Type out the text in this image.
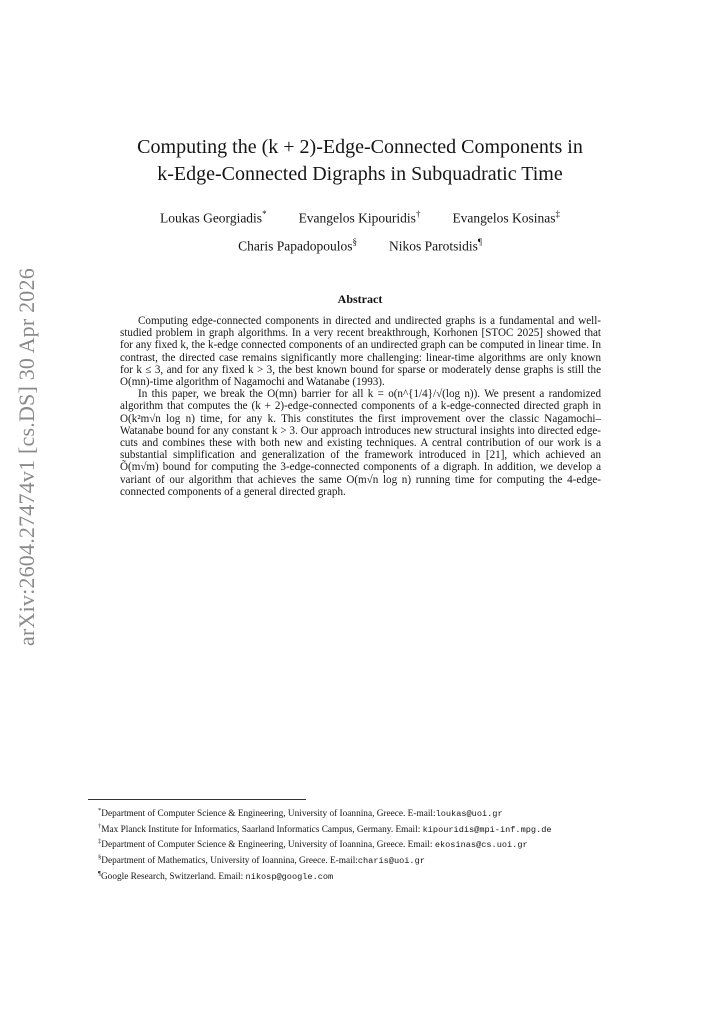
arXiv:2604.27474v1 [cs.DS] 30 Apr 2026
Computing the (k + 2)-Edge-Connected Components in
k-Edge-Connected Digraphs in Subquadratic Time
Loukas Georgiadis* Evangelos Kipouridis† Evangelos Kosinas‡
Charis Papadopoulos§ Nikos Parotsidis¶
Abstract

Computing edge-connected components in directed and undirected graphs is a fundamental and well-studied problem in graph algorithms. In a very recent breakthrough, Korhonen [STOC 2025] showed that for any fixed k, the k-edge connected components of an undirected graph can be computed in linear time. In contrast, the directed case remains significantly more challenging: linear-time algorithms are only known for k ≤ 3, and for any fixed k > 3, the best known bound for sparse or moderately dense graphs is still the O(mn)-time algorithm of Nagamochi and Watanabe (1993).

In this paper, we break the O(mn) barrier for all k = o(n^{1/4}/√(log n)). We present a randomized algorithm that computes the (k + 2)-edge-connected components of a k-edge-connected directed graph in O(k²m√n log n) time, for any k. This constitutes the first improvement over the classic Nagamochi–Watanabe bound for any constant k > 3. Our approach introduces new structural insights into directed edge-cuts and combines these with both new and existing techniques. A central contribution of our work is a substantial simplification and generalization of the framework introduced in [21], which achieved an Õ(m√m) bound for computing the 3-edge-connected components of a digraph. In addition, we develop a variant of our algorithm that achieves the same O(m√n log n) running time for computing the 4-edge-connected components of a general directed graph.

*Department of Computer Science & Engineering, University of Ioannina, Greece. E-mail:loukas@uoi.gr

†Max Planck Institute for Informatics, Saarland Informatics Campus, Germany. Email: kipouridis@mpi-inf.mpg.de

‡Department of Computer Science & Engineering, University of Ioannina, Greece. Email: ekosinas@cs.uoi.gr

§Department of Mathematics, University of Ioannina, Greece. E-mail:charis@uoi.gr

¶Google Research, Switzerland. Email: nikosp@google.com
